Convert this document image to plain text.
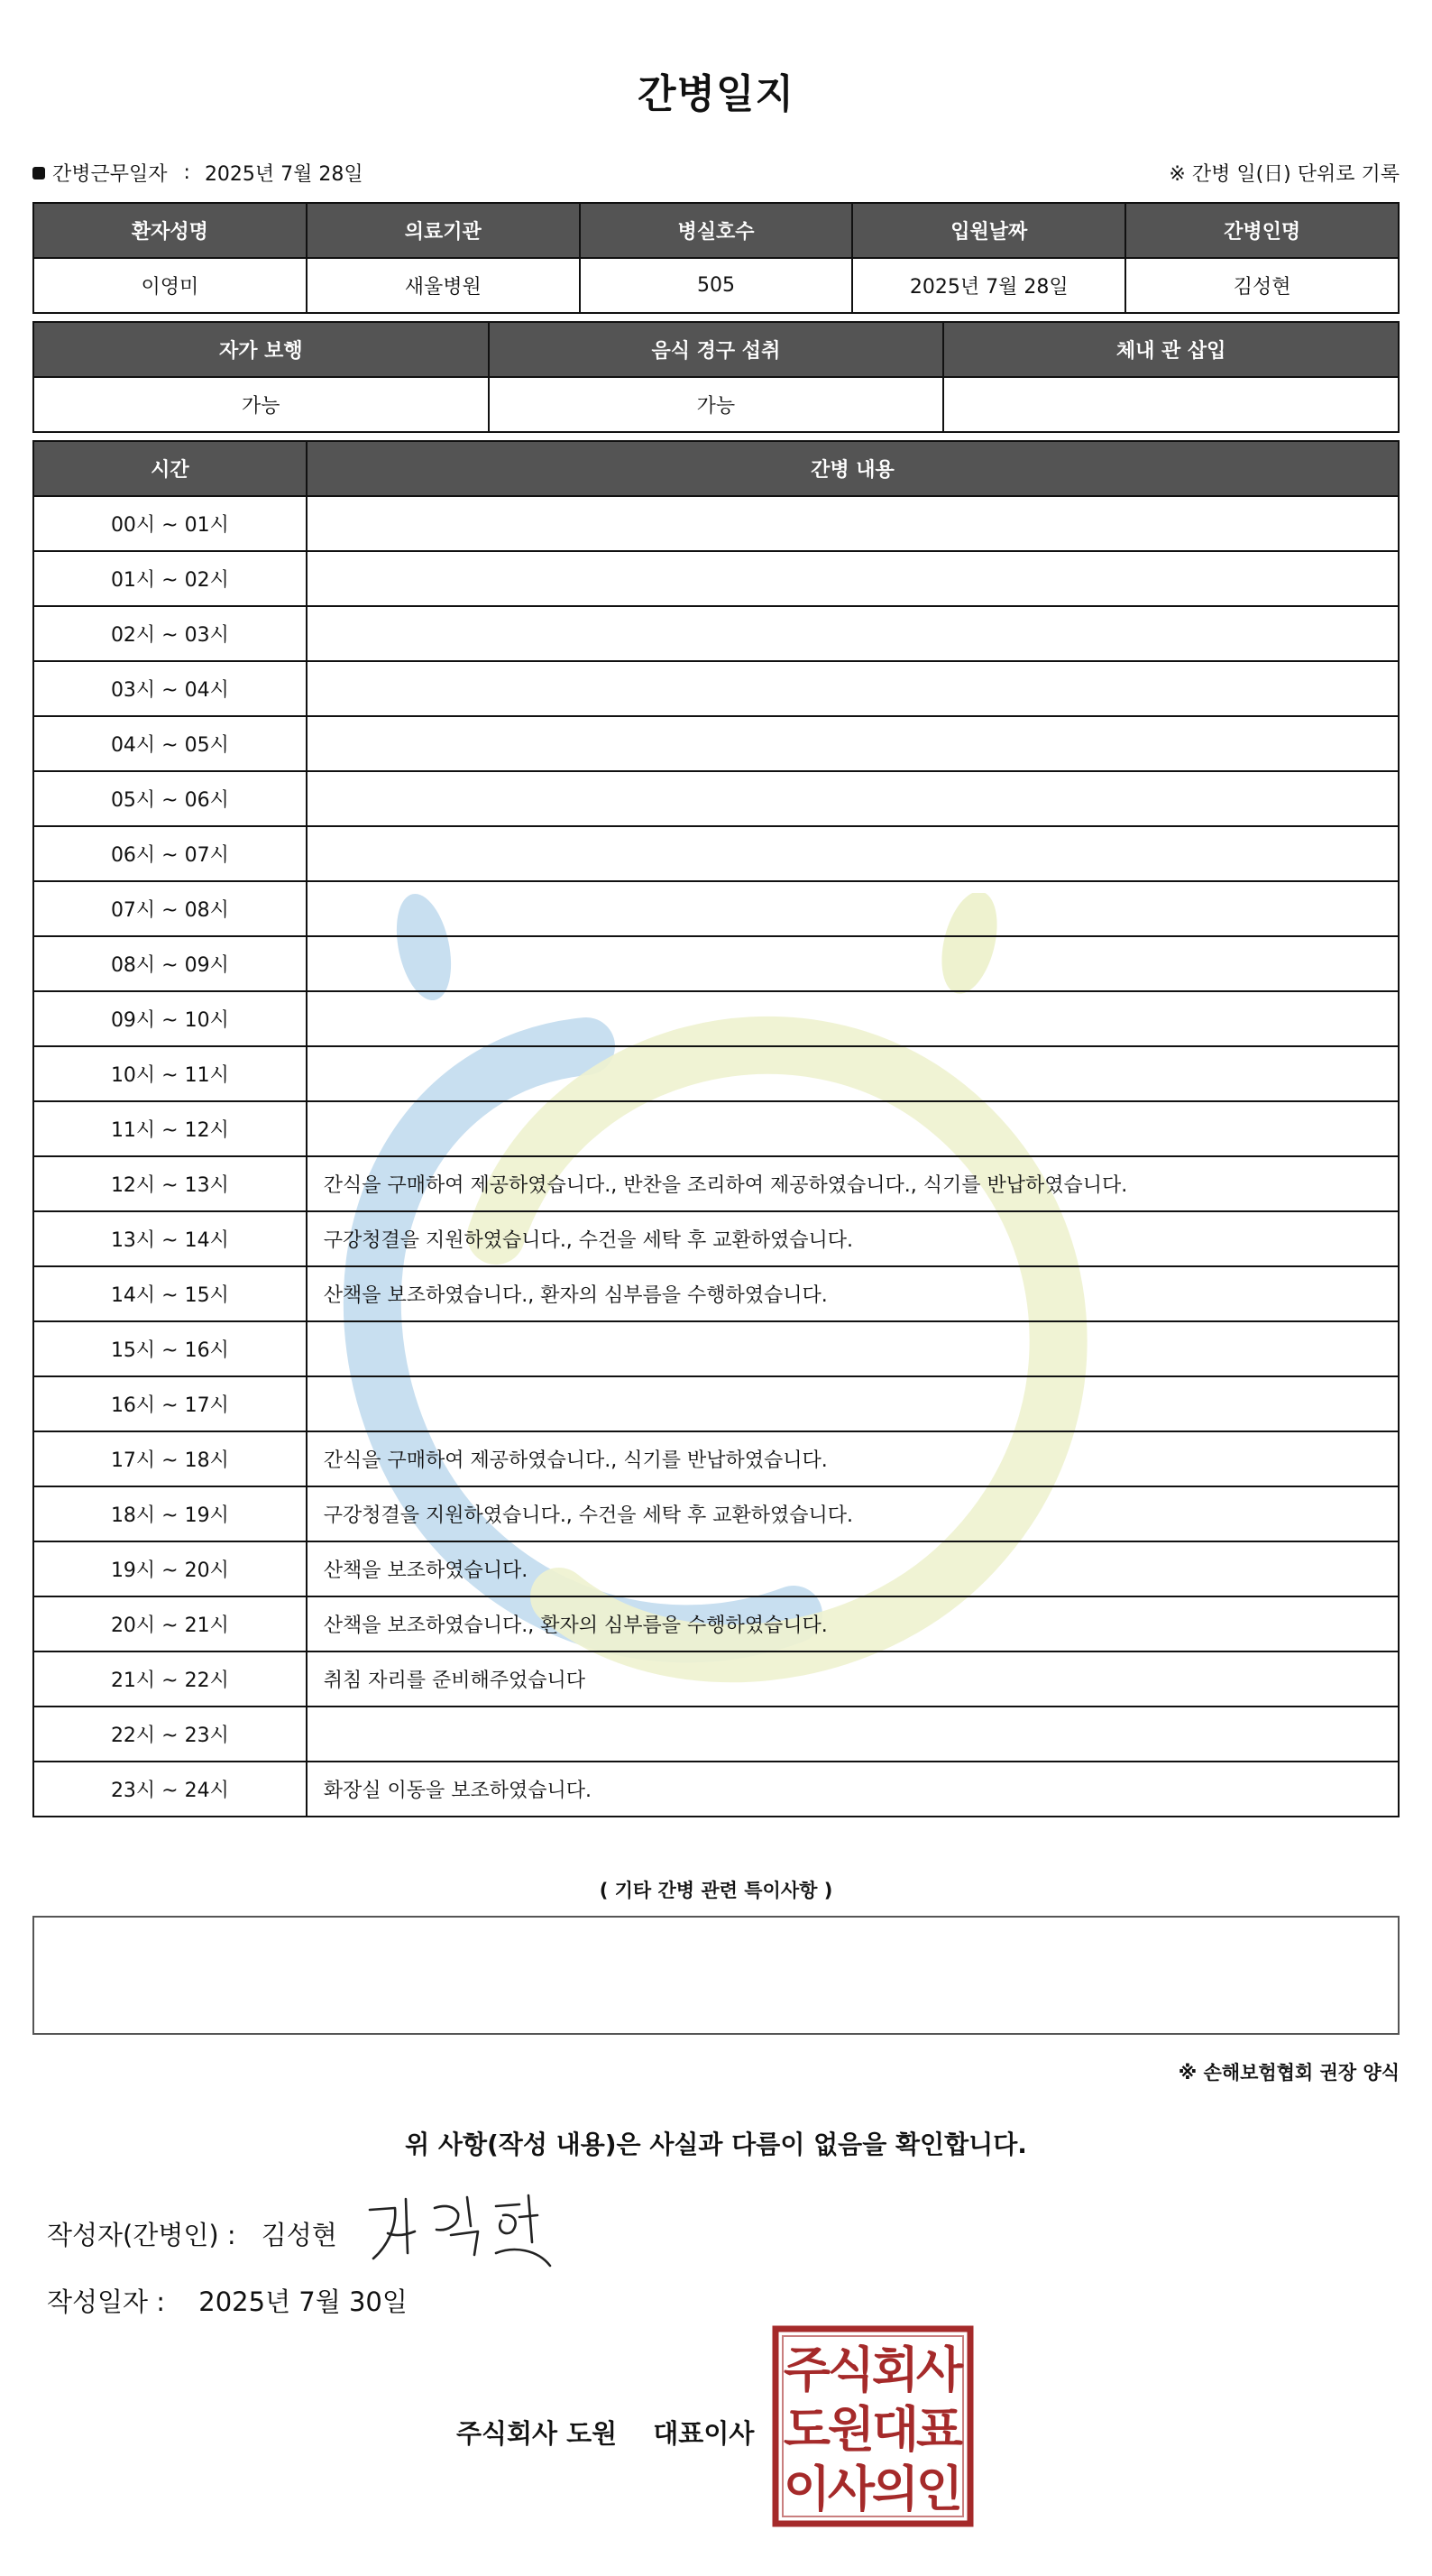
간병일지
간병근무일자 : 2025년 7월 28일	※ 간병 일(日) 단위로 기록
환자성명	의료기관	병실호수	입원날짜	간병인명
이영미	새울병원	505	2025년 7월 28일	김성현
자가 보행	음식 경구 섭취	체내 관 삽입
가능	가능	
시간	간병 내용
00시 ~ 01시	
01시 ~ 02시	
02시 ~ 03시	
03시 ~ 04시	
04시 ~ 05시	
05시 ~ 06시	
06시 ~ 07시	
07시 ~ 08시	
08시 ~ 09시	
09시 ~ 10시	
10시 ~ 11시	
11시 ~ 12시	
12시 ~ 13시	간식을 구매하여 제공하였습니다., 반찬을 조리하여 제공하였습니다., 식기를 반납하였습니다.
13시 ~ 14시	구강청결을 지원하였습니다., 수건을 세탁 후 교환하였습니다.
14시 ~ 15시	산책을 보조하였습니다., 환자의 심부름을 수행하였습니다.
15시 ~ 16시	
16시 ~ 17시	
17시 ~ 18시	간식을 구매하여 제공하였습니다., 식기를 반납하였습니다.
18시 ~ 19시	구강청결을 지원하였습니다., 수건을 세탁 후 교환하였습니다.
19시 ~ 20시	산책을 보조하였습니다.
20시 ~ 21시	산책을 보조하였습니다., 환자의 심부름을 수행하였습니다.
21시 ~ 22시	취침 자리를 준비해주었습니다
22시 ~ 23시	
23시 ~ 24시	화장실 이동을 보조하였습니다.
( 기타 간병 관련 특이사항 )
※ 손해보험협회 권장 양식
위 사항(작성 내용)은 사실과 다름이 없음을 확인합니다.
작성자(간병인) : 김성현
작성일자 : 2025년 7월 30일
주식회사 도원 대표이사
주
식
회
사
도
원
대
표
이
사
의
인
